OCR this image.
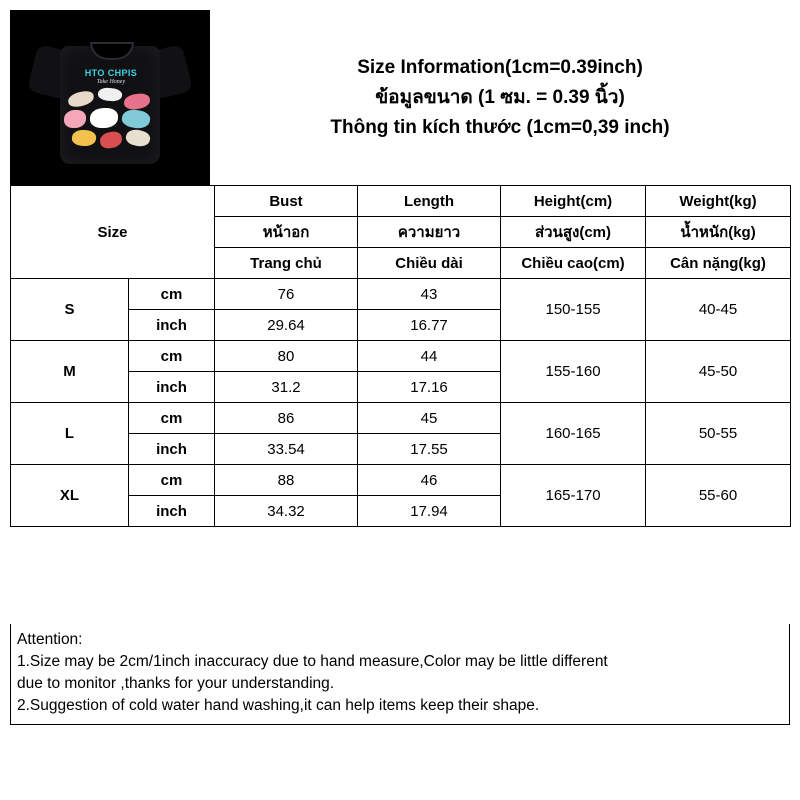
HTO CHPIS
Take Honey
Size Information(1cm=0.39inch)
ข้อมูลขนาด (1 ซม. = 0.39 นิ้ว)
Thông tin kích thước (1cm=0,39 inch)
Size		Bust	Length	Height(cm)	Weight(kg)
		หน้าอก	ความยาว	ส่วนสูง(cm)	น้ำหนัก(kg)
		Trang chủ	Chiều dài	Chiều cao(cm)	Cân nặng(kg)
S	cm	76	43	150-155	40-45
	inch	29.64	16.77		
M	cm	80	44	155-160	45-50
	inch	31.2	17.16		
L	cm	86	45	160-165	50-55
	inch	33.54	17.55		
XL	cm	88	46	165-170	55-60
	inch	34.32	17.94		

Attention:

1.Size may be 2cm/1inch inaccuracy due to hand measure,Color may be little different

due to monitor ,thanks for your understanding.

2.Suggestion of cold water hand washing,it can help items keep their shape.
